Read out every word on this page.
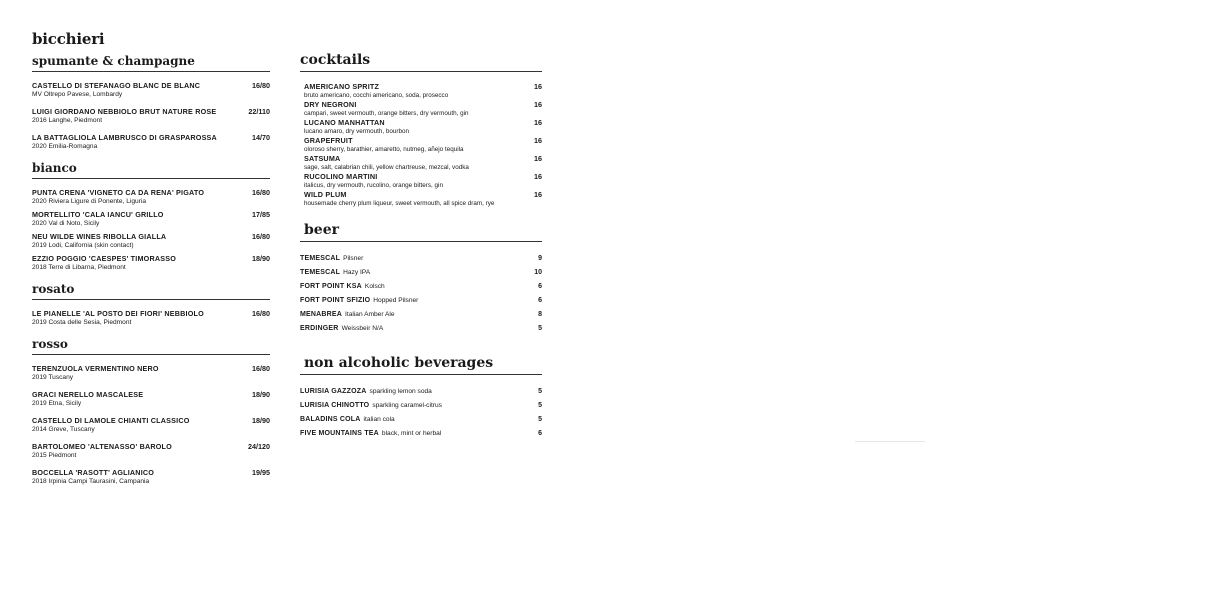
bicchieri
spumante & champagne
CASTELLO DI STEFANAGO BLANC DE BLANC
MV Oltrepo Pavese, Lombardy
16/80
LUIGI GIORDANO NEBBIOLO BRUT NATURE ROSE
2016 Langhe, Piedmont
22/110
LA BATTAGLIOLA LAMBRUSCO DI GRASPAROSSA
2020 Emilia-Romagna
14/70
bianco
PUNTA CRENA 'VIGNETO CA DA RENA' PIGATO
2020 Riviera Ligure di Ponente, Liguria
16/80
MORTELLITO 'CALA IANCU' GRILLO
2020 Val di Noto, Sicily
17/85
NEU WILDE WINES RIBOLLA GIALLA
2019 Lodi, California (skin contact)
16/80
EZZIO POGGIO 'CAESPES' TIMORASSO
2018 Terre di Libarna, Piedmont
18/90
rosato
LE PIANELLE 'AL POSTO DEI FIORI' NEBBIOLO
2019 Costa delle Sesia, Piedmont
16/80
rosso
TERENZUOLA VERMENTINO NERO
2019 Tuscany
16/80
GRACI NERELLO MASCALESE
2019 Etna, Sicily
18/90
CASTELLO DI LAMOLE CHIANTI CLASSICO
2014 Greve, Tuscany
18/90
BARTOLOMEO 'ALTENASSO' BAROLO
2015 Piedmont
24/120
BOCCELLA 'RASOTT' AGLIANICO
2018 Irpinia Campi Taurasini, Campania
19/95
cocktails
AMERICANO SPRITZ
bruto americano, cocchi americano, soda, prosecco
16
DRY NEGRONI
campari, sweet vermouth, orange bitters, dry vermouth, gin
16
LUCANO MANHATTAN
lucano amaro, dry vermouth, bourbon
16
GRAPEFRUIT
oloroso sherry, barathier, amaretto, nutmeg, añejo tequila
16
SATSUMA
sage, salt, calabrian chili, yellow chartreuse, mezcal, vodka
16
RUCOLINO MARTINI
italicus, dry vermouth, rucolino, orange bitters, gin
16
WILD PLUM
housemade cherry plum liqueur, sweet vermouth, all spice dram, rye
16
beer
TEMESCAL Pilsner	9
TEMESCAL Hazy IPA	10
FORT POINT KSA Kolsch	6
FORT POINT SFIZIO Hopped Pilsner	6
MENABREA Italian Amber Ale	8
ERDINGER Weissbeir N/A	5
non alcoholic beverages
LURISIA GAZZOZA sparkling lemon soda	5
LURISIA CHINOTTO sparkling caramel-citrus	5
BALADINS COLA italian cola	5
FIVE MOUNTAINS TEA black, mint or herbal	6
